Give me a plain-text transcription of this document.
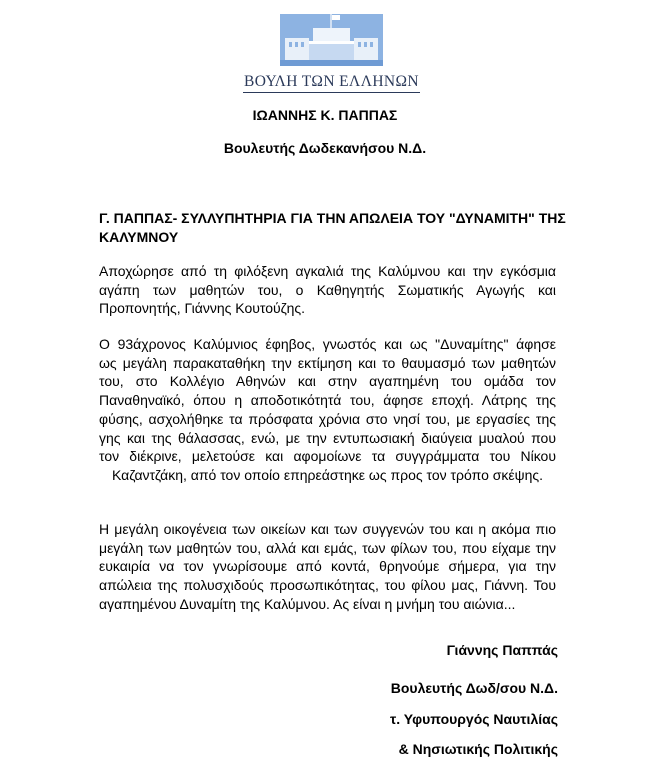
ΒΟΥΛΗ ΤΩΝ ΕΛΛΗΝΩΝ
ΙΩΑΝΝΗΣ Κ. ΠΑΠΠΑΣ
Βουλευτής Δωδεκανήσου Ν.Δ.
Γ. ΠΑΠΠΑΣ- ΣΥΛΛΥΠΗΤΗΡΙΑ ΓΙΑ ΤΗΝ ΑΠΩΛΕΙΑ ΤΟΥ "ΔΥΝΑΜΙΤΗ" ΤΗΣ
ΚΑΛΥΜΝΟΥ
Αποχώρησε από τη φιλόξενη αγκαλιά της Καλύμνου και την εγκόσμια
αγάπη των μαθητών του, ο Καθηγητής Σωματικής Αγωγής και
Προπονητής, Γιάννης Κουτούζης.
Ο 93άχρονος Καλύμνιος έφηβος, γνωστός και ως "Δυναμίτης" άφησε
ως μεγάλη παρακαταθήκη την εκτίμηση και το θαυμασμό των μαθητών
του, στο Κολλέγιο Αθηνών και στην αγαπημένη του ομάδα τον
Παναθηναϊκό, όπου η αποδοτικότητά του, άφησε εποχή. Λάτρης της
φύσης, ασχολήθηκε τα πρόσφατα χρόνια στο νησί του, με εργασίες της
γης και της θάλασσας, ενώ, με την εντυπωσιακή διαύγεια μυαλού που
τον διέκρινε, μελετούσε και αφομοίωνε τα συγγράμματα του Νίκου
Καζαντζάκη, από τον οποίο επηρεάστηκε ως προς τον τρόπο σκέψης.
Η μεγάλη οικογένεια των οικείων και των συγγενών του και η ακόμα πιο
μεγάλη των μαθητών του, αλλά και εμάς, των φίλων του, που είχαμε την
ευκαιρία να τον γνωρίσουμε από κοντά, θρηνούμε σήμερα, για την
απώλεια της πολυσχιδούς προσωπικότητας, του φίλου μας, Γιάννη. Του
αγαπημένου Δυναμίτη της Καλύμνου. Ας είναι η μνήμη του αιώνια...
Γιάννης Παππάς
Βουλευτής Δωδ/σου Ν.Δ.
τ. Υφυπουργός Ναυτιλίας
& Νησιωτικής Πολιτικής
